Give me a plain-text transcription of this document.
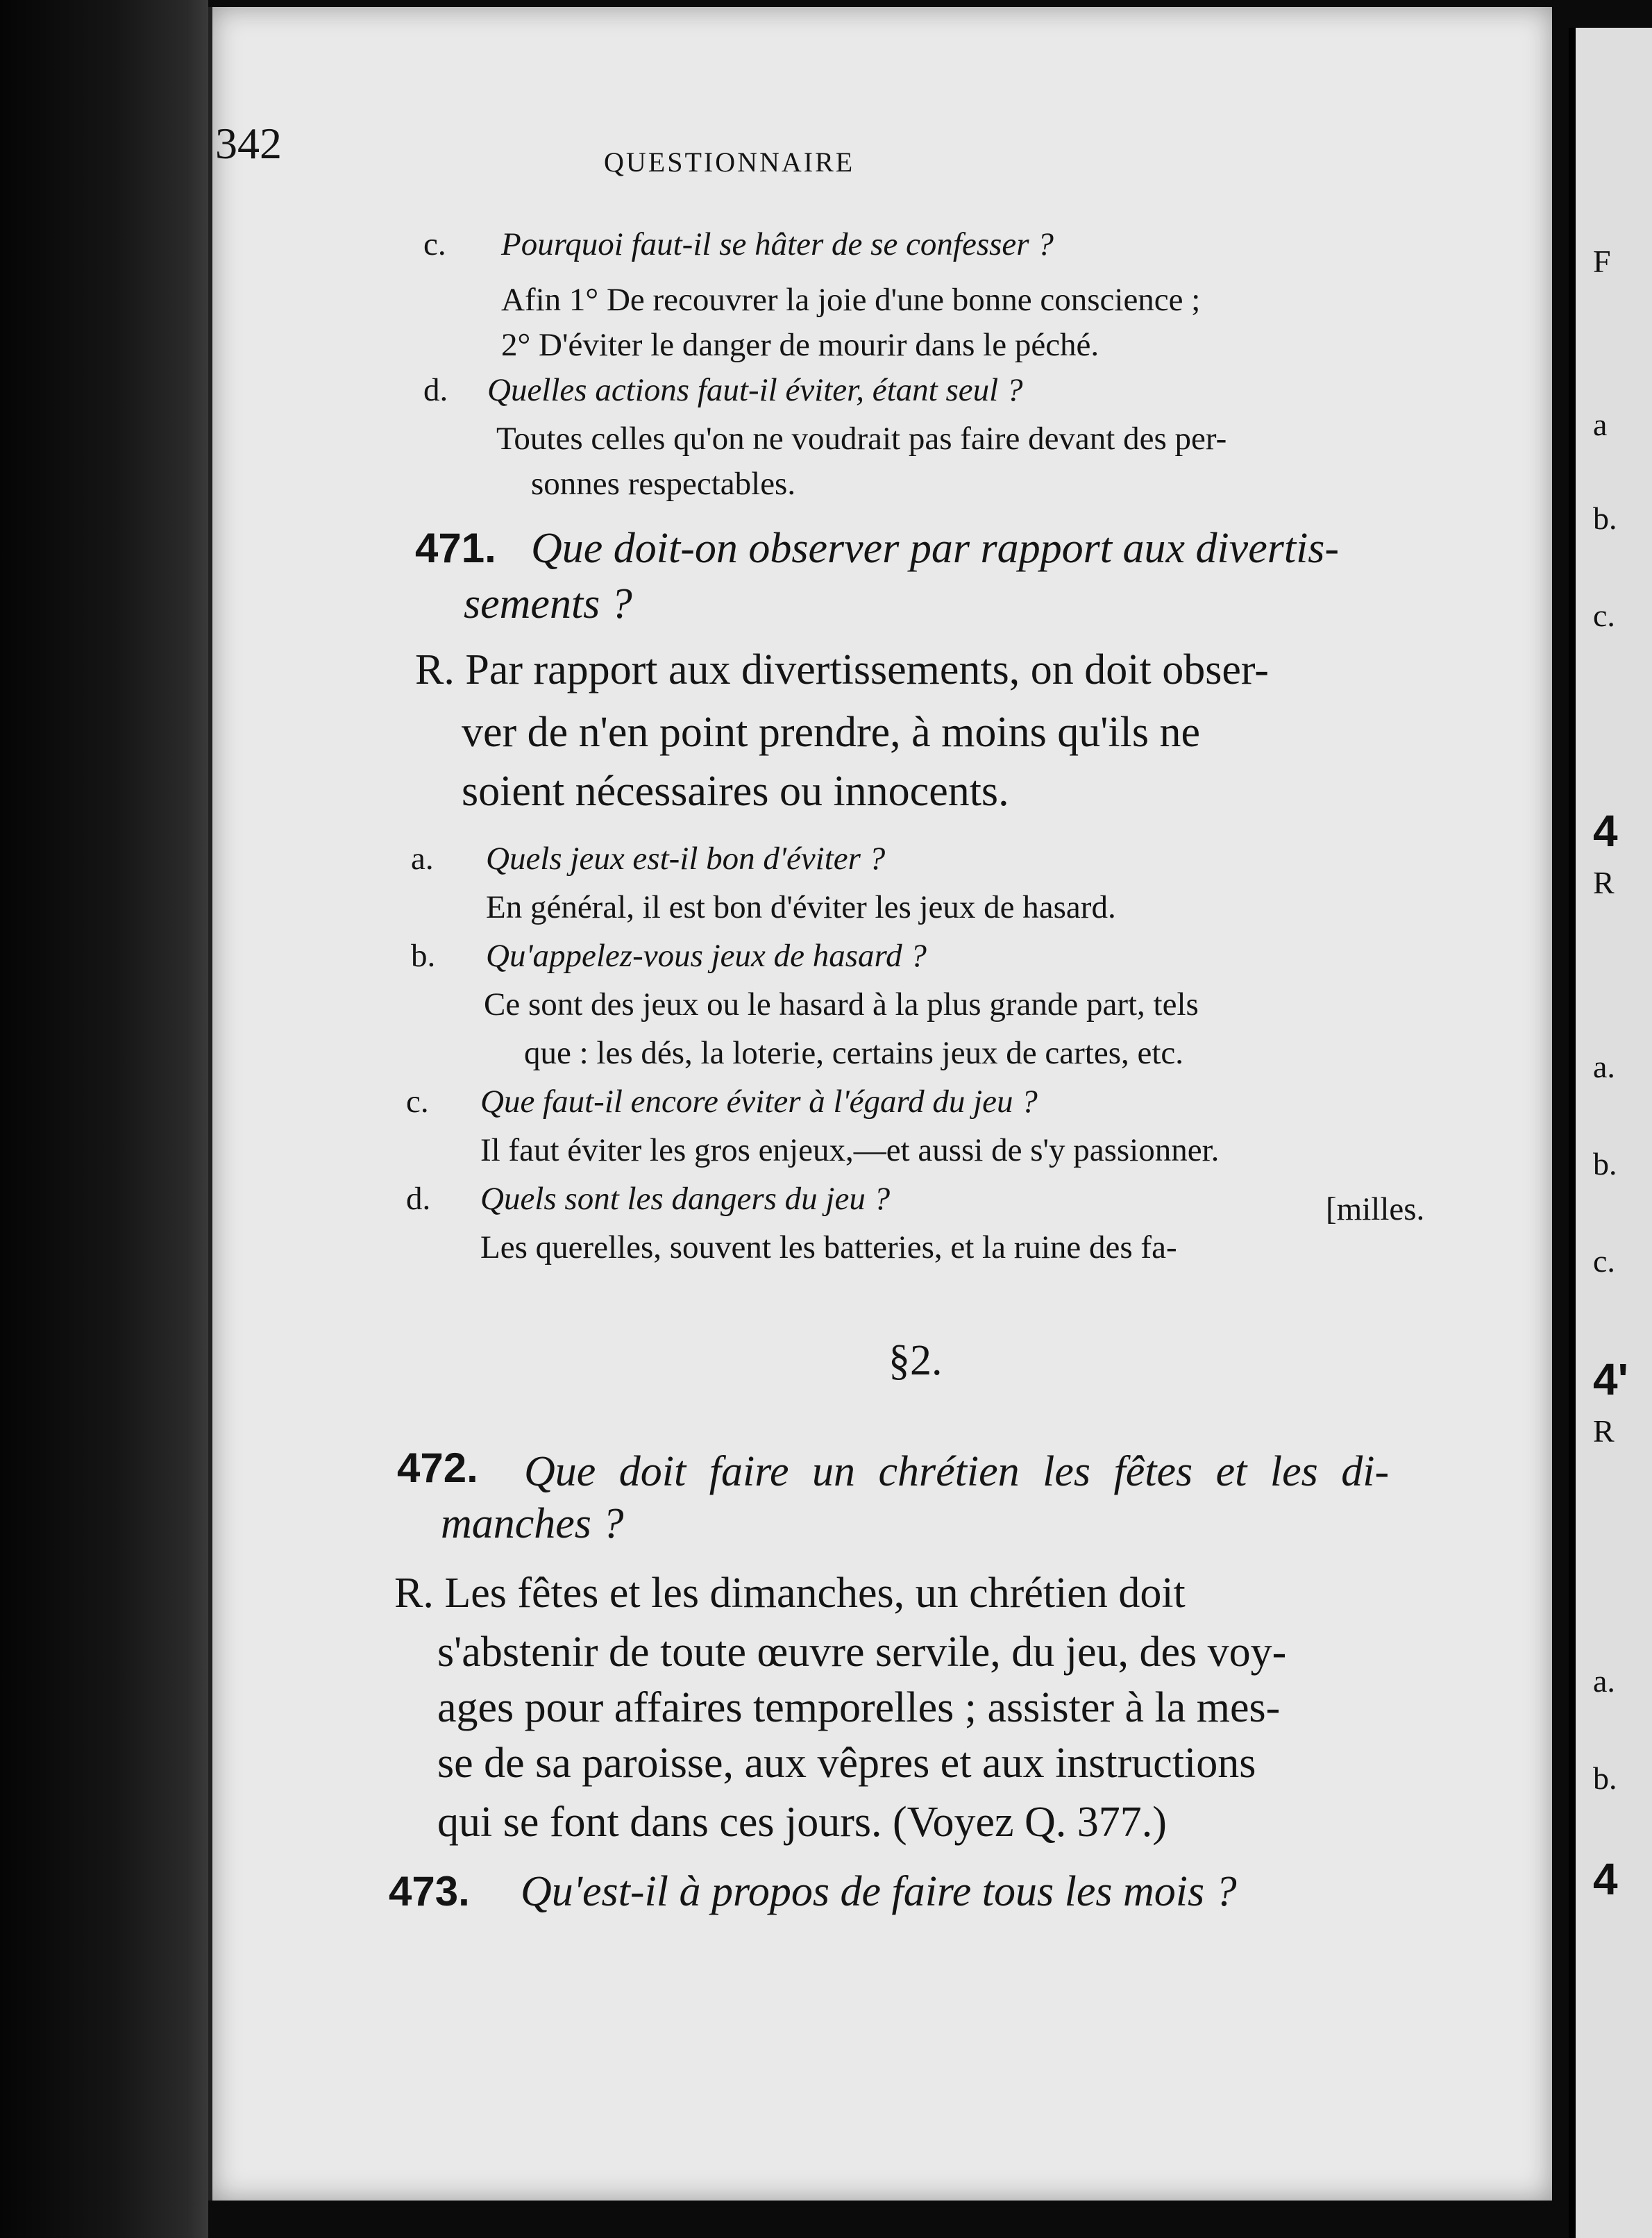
F
a
b.
c.
4
R
a.
b.
c.
4'
R
a.
b.
4
342	QUESTIONNAIRE
c. Pourquoi faut-il se hâter de se confesser ?
Afin 1° De recouvrer la joie d'une bonne conscience ;
2° D'éviter le danger de mourir dans le péché.
d. Quelles actions faut-il éviter, étant seul ?
Toutes celles qu'on ne voudrait pas faire devant des per-
sonnes respectables.
471. Que doit-on observer par rapport aux divertis-
sements ?
R. Par rapport aux divertissements, on doit obser-
ver de n'en point prendre, à moins qu'ils ne
soient nécessaires ou innocents.
a. Quels jeux est-il bon d'éviter ?
En général, il est bon d'éviter les jeux de hasard.
b. Qu'appelez-vous jeux de hasard ?
Ce sont des jeux ou le hasard à la plus grande part, tels
que : les dés, la loterie, certains jeux de cartes, etc.
c. Que faut-il encore éviter à l'égard du jeu ?
Il faut éviter les gros enjeux,—et aussi de s'y passionner.
d. Quels sont les dangers du jeu ?	[milles.
Les querelles, souvent les batteries, et la ruine des fa-
§2.
472. Que doit faire un chrétien les fêtes et les di-
manches ?
R. Les fêtes et les dimanches, un chrétien doit
s'abstenir de toute œuvre servile, du jeu, des voy-
ages pour affaires temporelles ; assister à la mes-
se de sa paroisse, aux vêpres et aux instructions
qui se font dans ces jours. (Voyez Q. 377.)
473. Qu'est-il à propos de faire tous les mois ?
